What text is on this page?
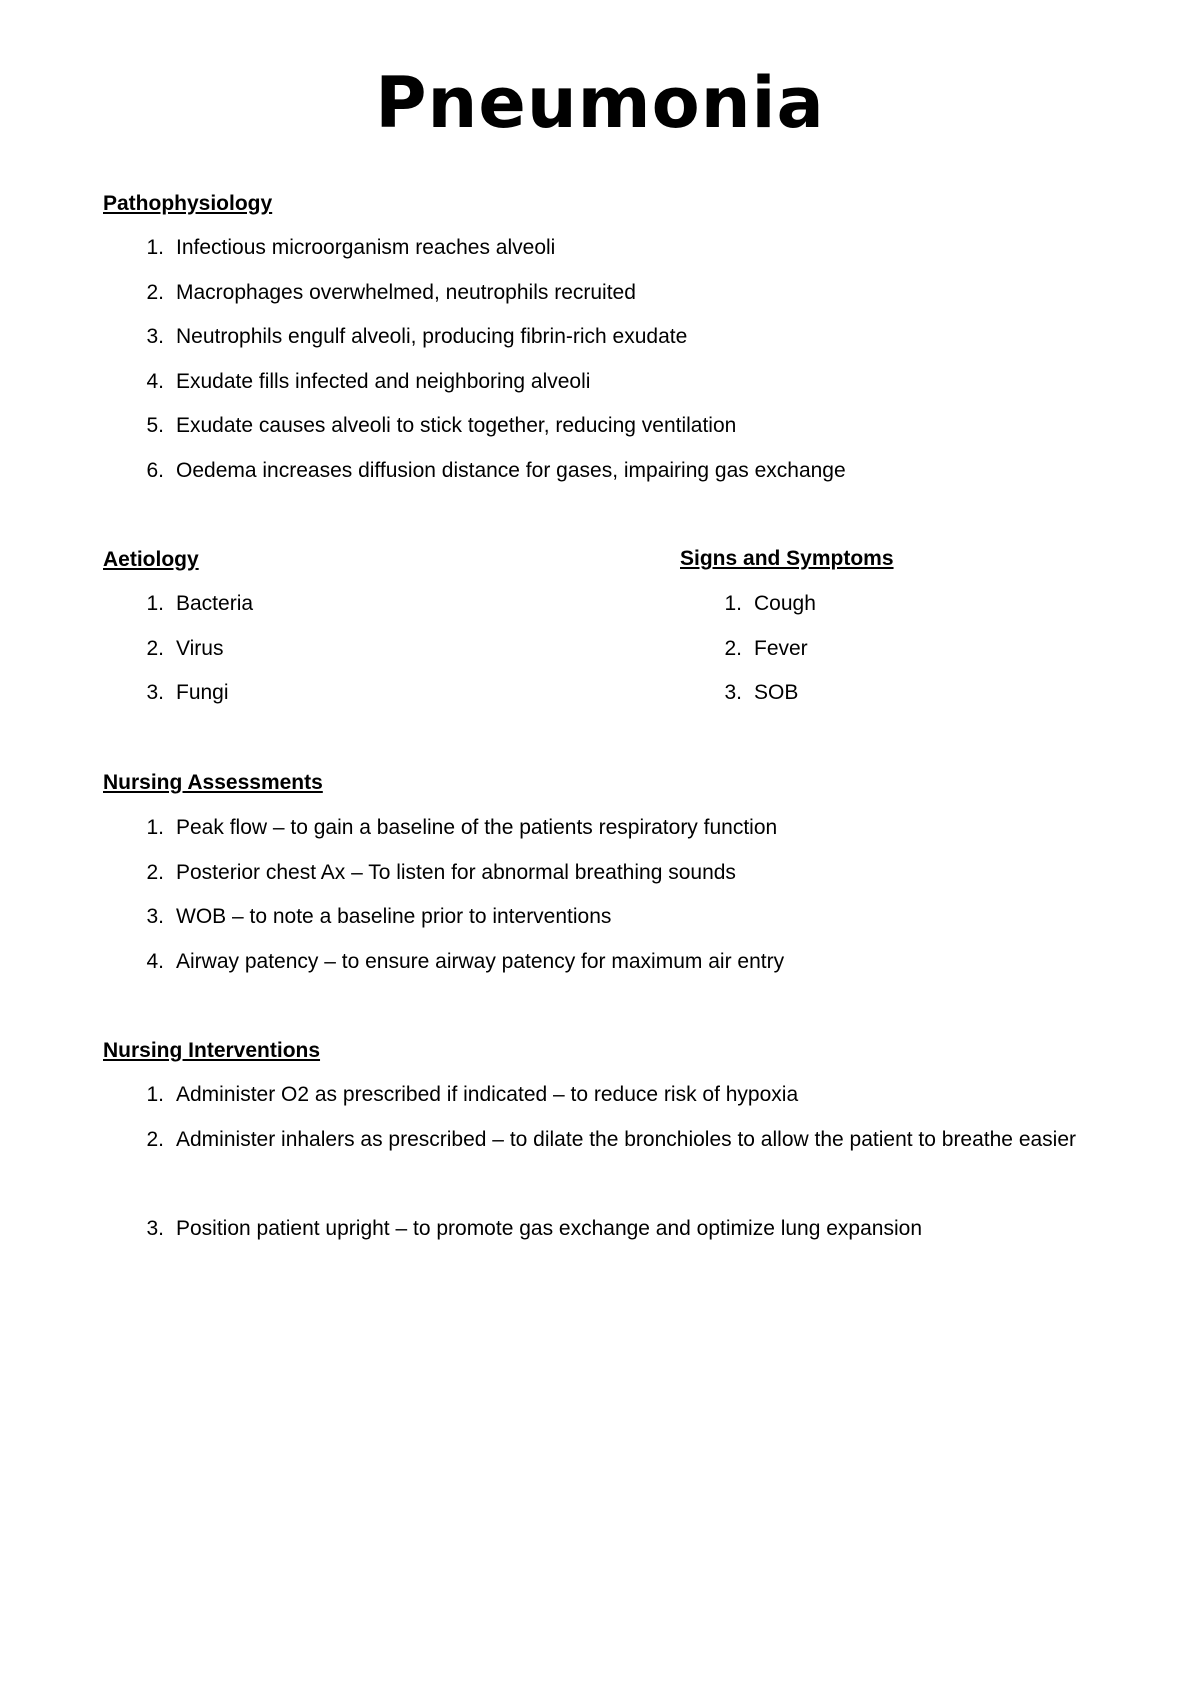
Pneumonia
Pathophysiology
1. Infectious microorganism reaches alveoli
2. Macrophages overwhelmed, neutrophils recruited
3. Neutrophils engulf alveoli, producing fibrin-rich exudate
4. Exudate fills infected and neighboring alveoli
5. Exudate causes alveoli to stick together, reducing ventilation
6. Oedema increases diffusion distance for gases, impairing gas exchange
Aetiology
1. Bacteria
2. Virus
3. Fungi
Signs and Symptoms
1. Cough
2. Fever
3. SOB
Nursing Assessments
1. Peak flow – to gain a baseline of the patients respiratory function
2. Posterior chest Ax – To listen for abnormal breathing sounds
3. WOB – to note a baseline prior to interventions
4. Airway patency – to ensure airway patency for maximum air entry
Nursing Interventions
1. Administer O2 as prescribed if indicated – to reduce risk of hypoxia
2. Administer inhalers as prescribed – to dilate the bronchioles to allow the patient to breathe easier
3. Position patient upright – to promote gas exchange and optimize lung expansion
